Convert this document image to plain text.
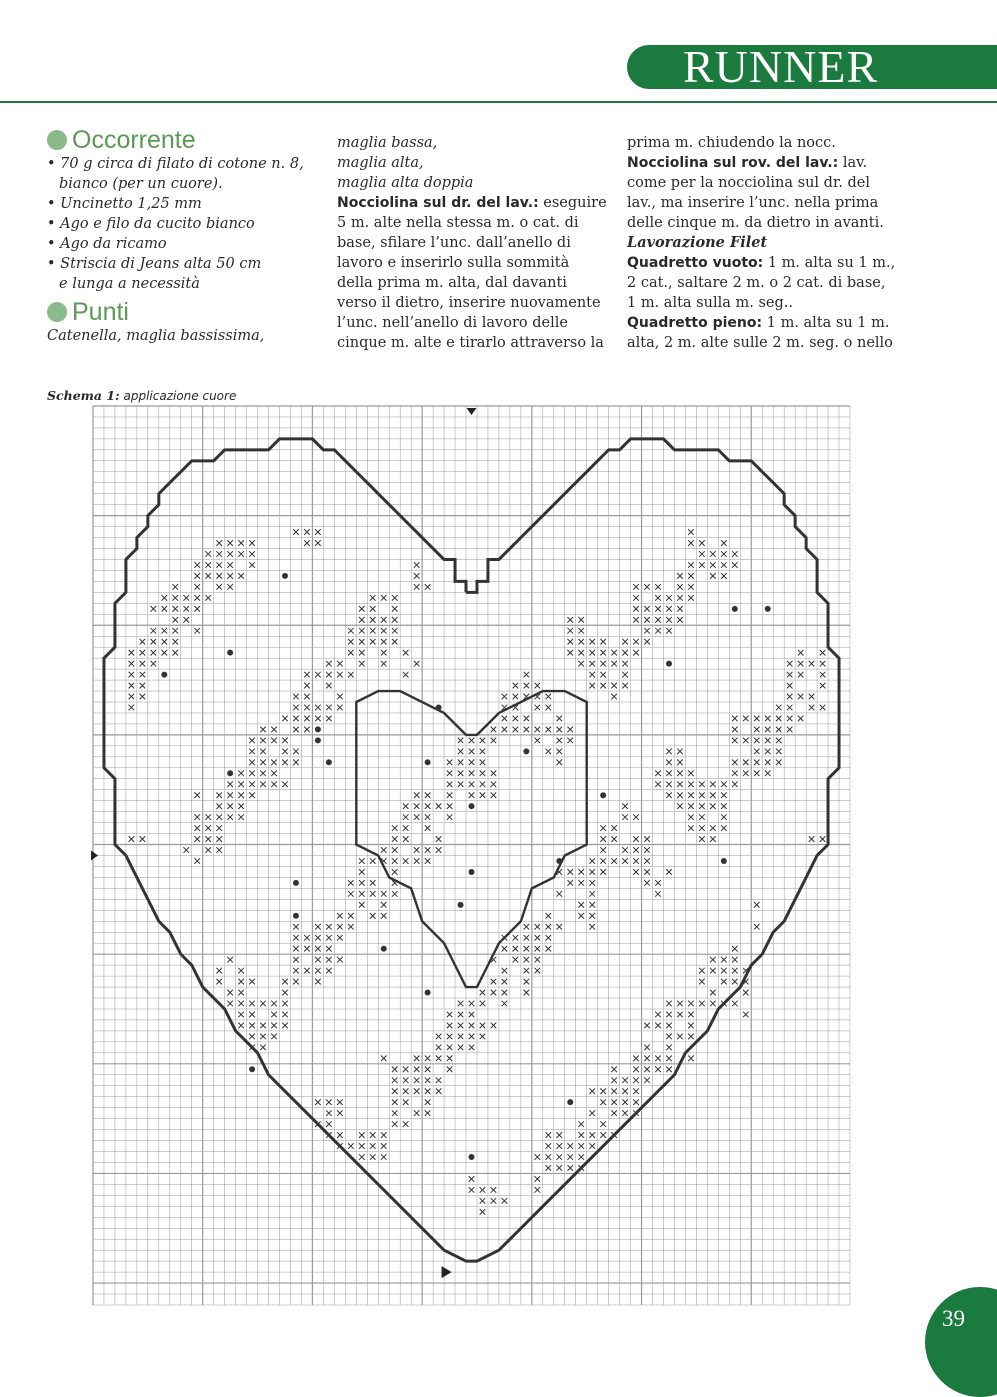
RUNNER
Occorrente
• 70 g circa di filato di cotone n. 8,
bianco (per un cuore).
• Uncinetto 1,25 mm
• Ago e filo da cucito bianco
• Ago da ricamo
• Striscia di Jeans alta 50 cm
e lunga a necessità
Punti
Catenella, maglia bassissima,
maglia bassa,
maglia alta,
maglia alta doppia
Nocciolina sul dr. del lav.: eseguire
5 m. alte nella stessa m. o cat. di
base, sfilare l’unc. dall’anello di
lavoro e inserirlo sulla sommità
della prima m. alta, dal davanti
verso il dietro, inserire nuovamente
l’unc. nell’anello di lavoro delle
cinque m. alte e tirarlo attraverso la
prima m. chiudendo la nocc.
Nocciolina sul rov. del lav.: lav.
come per la nocciolina sul dr. del
lav., ma inserire l’unc. nella prima
delle cinque m. da dietro in avanti.
Lavorazione Filet
Quadretto vuoto: 1 m. alta su 1 m.,
2 cat., saltare 2 m. o 2 cat. di base,
1 m. alta sulla m. seg..
Quadretto pieno: 1 m. alta su 1 m.
alta, 2 m. alte sulle 2 m. seg. o nello
Schema 1: applicazione cuore
39
